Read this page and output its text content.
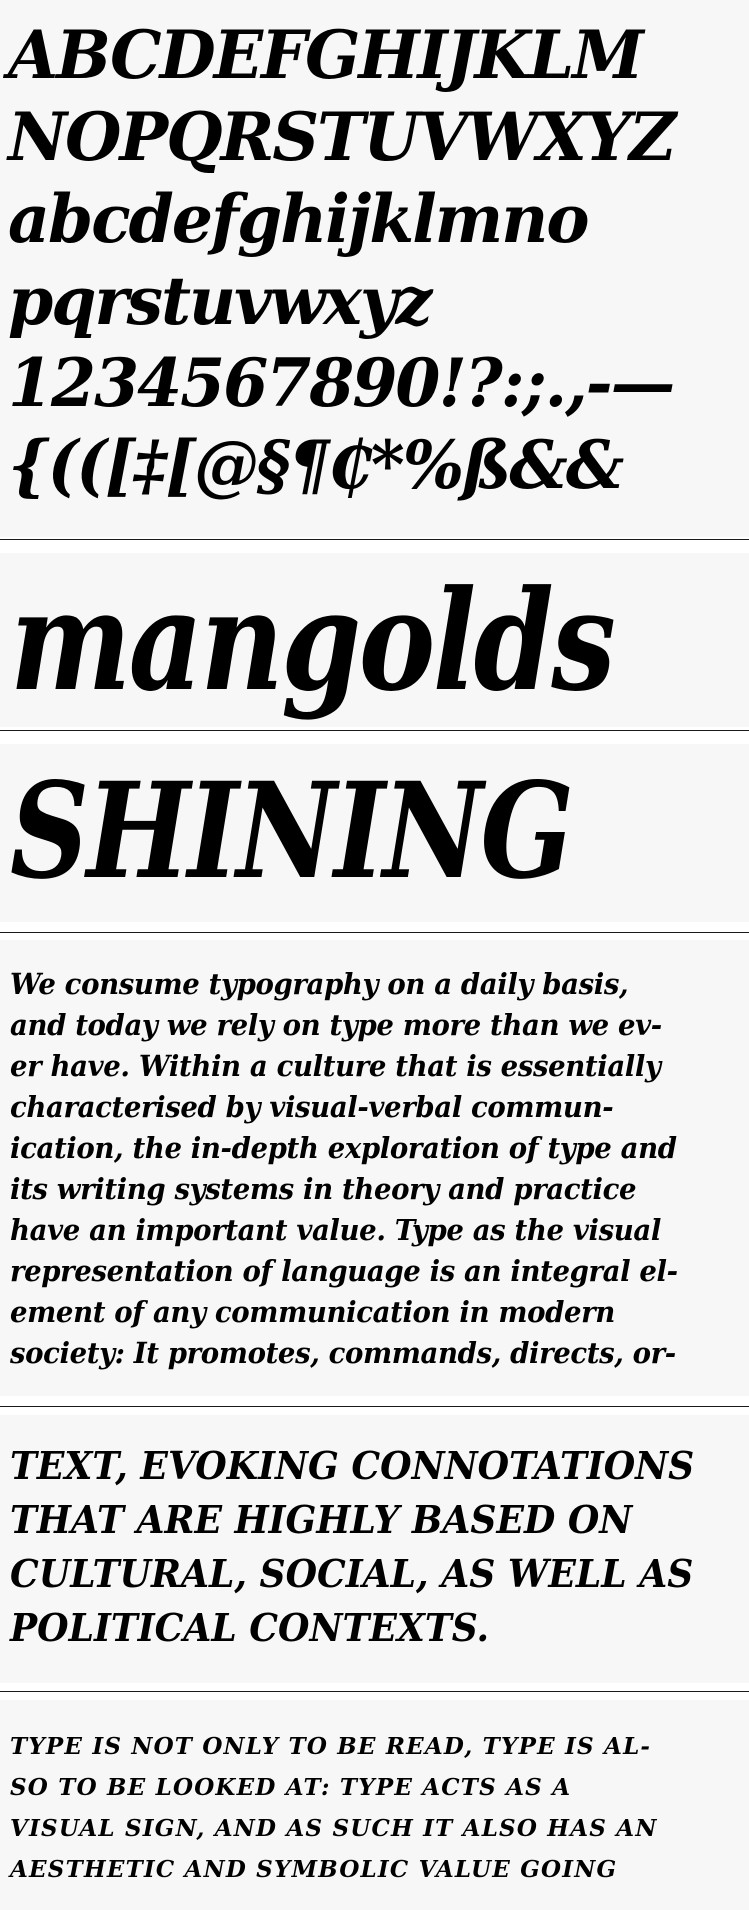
ABCDEFGHIJKLM
NOPQRSTUVWXYZ
abcdefghijklmno
pqrstuvwxyz
1234567890!?:;.,-—
{(([‡[@§¶₵*%ß&&
mangolds
SHINING
We consume typography on a daily basis,
and today we rely on type more than we ev-
er have. Within a culture that is essentially
characterised by visual-verbal commun-
ication, the in-depth exploration of type and
its writing systems in theory and practice
have an important value. Type as the visual
representation of language is an integral el-
ement of any communication in modern
society: It promotes, commands, directs, or-
TEXT, EVOKING CONNOTATIONS
THAT ARE HIGHLY BASED ON
CULTURAL, SOCIAL, AS WELL AS
POLITICAL CONTEXTS.
TYPE IS NOT ONLY TO BE READ, TYPE IS AL-
SO TO BE LOOKED AT: TYPE ACTS AS A
VISUAL SIGN, AND AS SUCH IT ALSO HAS AN
AESTHETIC AND SYMBOLIC VALUE GOING
